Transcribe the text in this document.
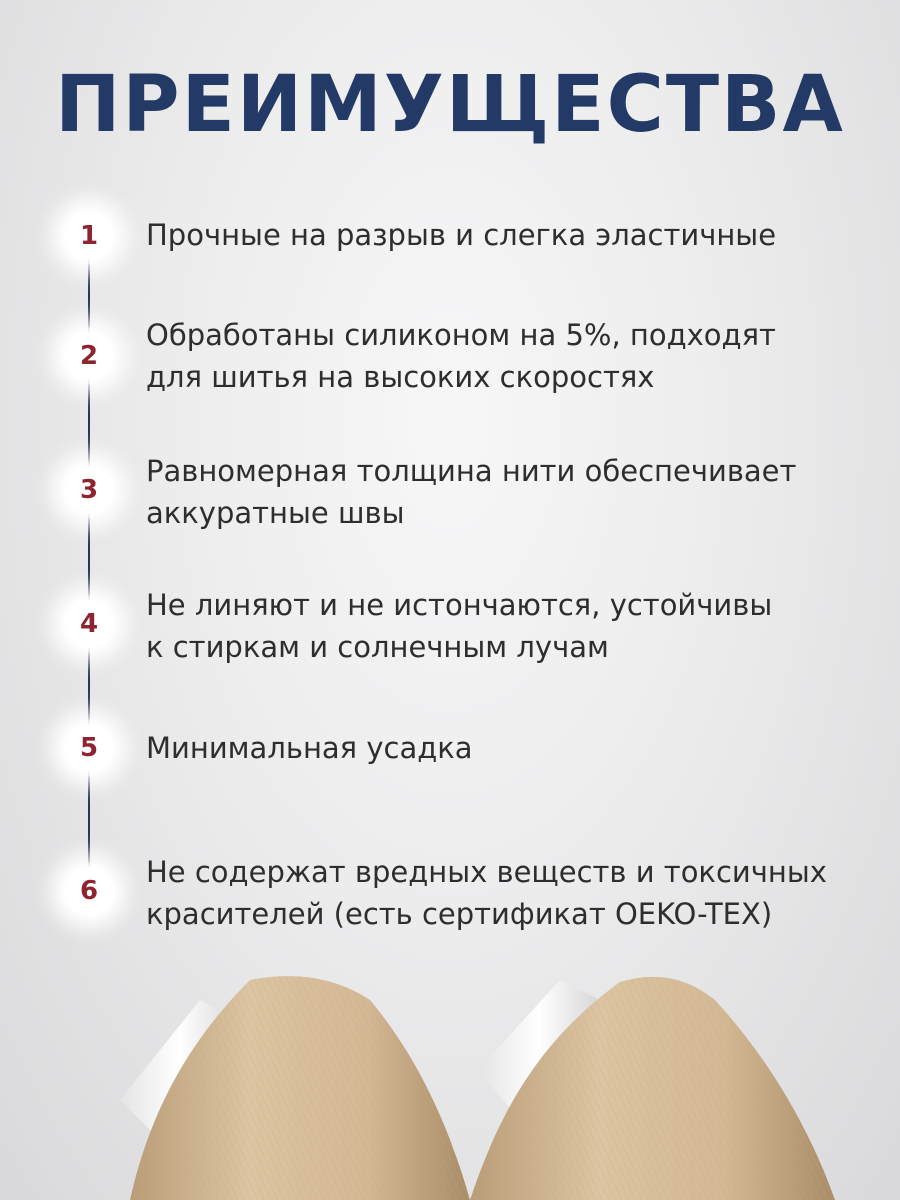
ПРЕИМУЩЕСТВА
1	Прочные на разрыв и слегка эластичные
2
Обработаны силиконом на 5%, подходят
для шитья на высоких скоростях
3
Равномерная толщина нити обеспечивает
аккуратные швы
4
Не линяют и не истончаются, устойчивы
к стиркам и солнечным лучам
5	Минимальная усадка
6
Не содержат вредных веществ и токсичных
красителей (есть сертификат OEKO-TEX)
